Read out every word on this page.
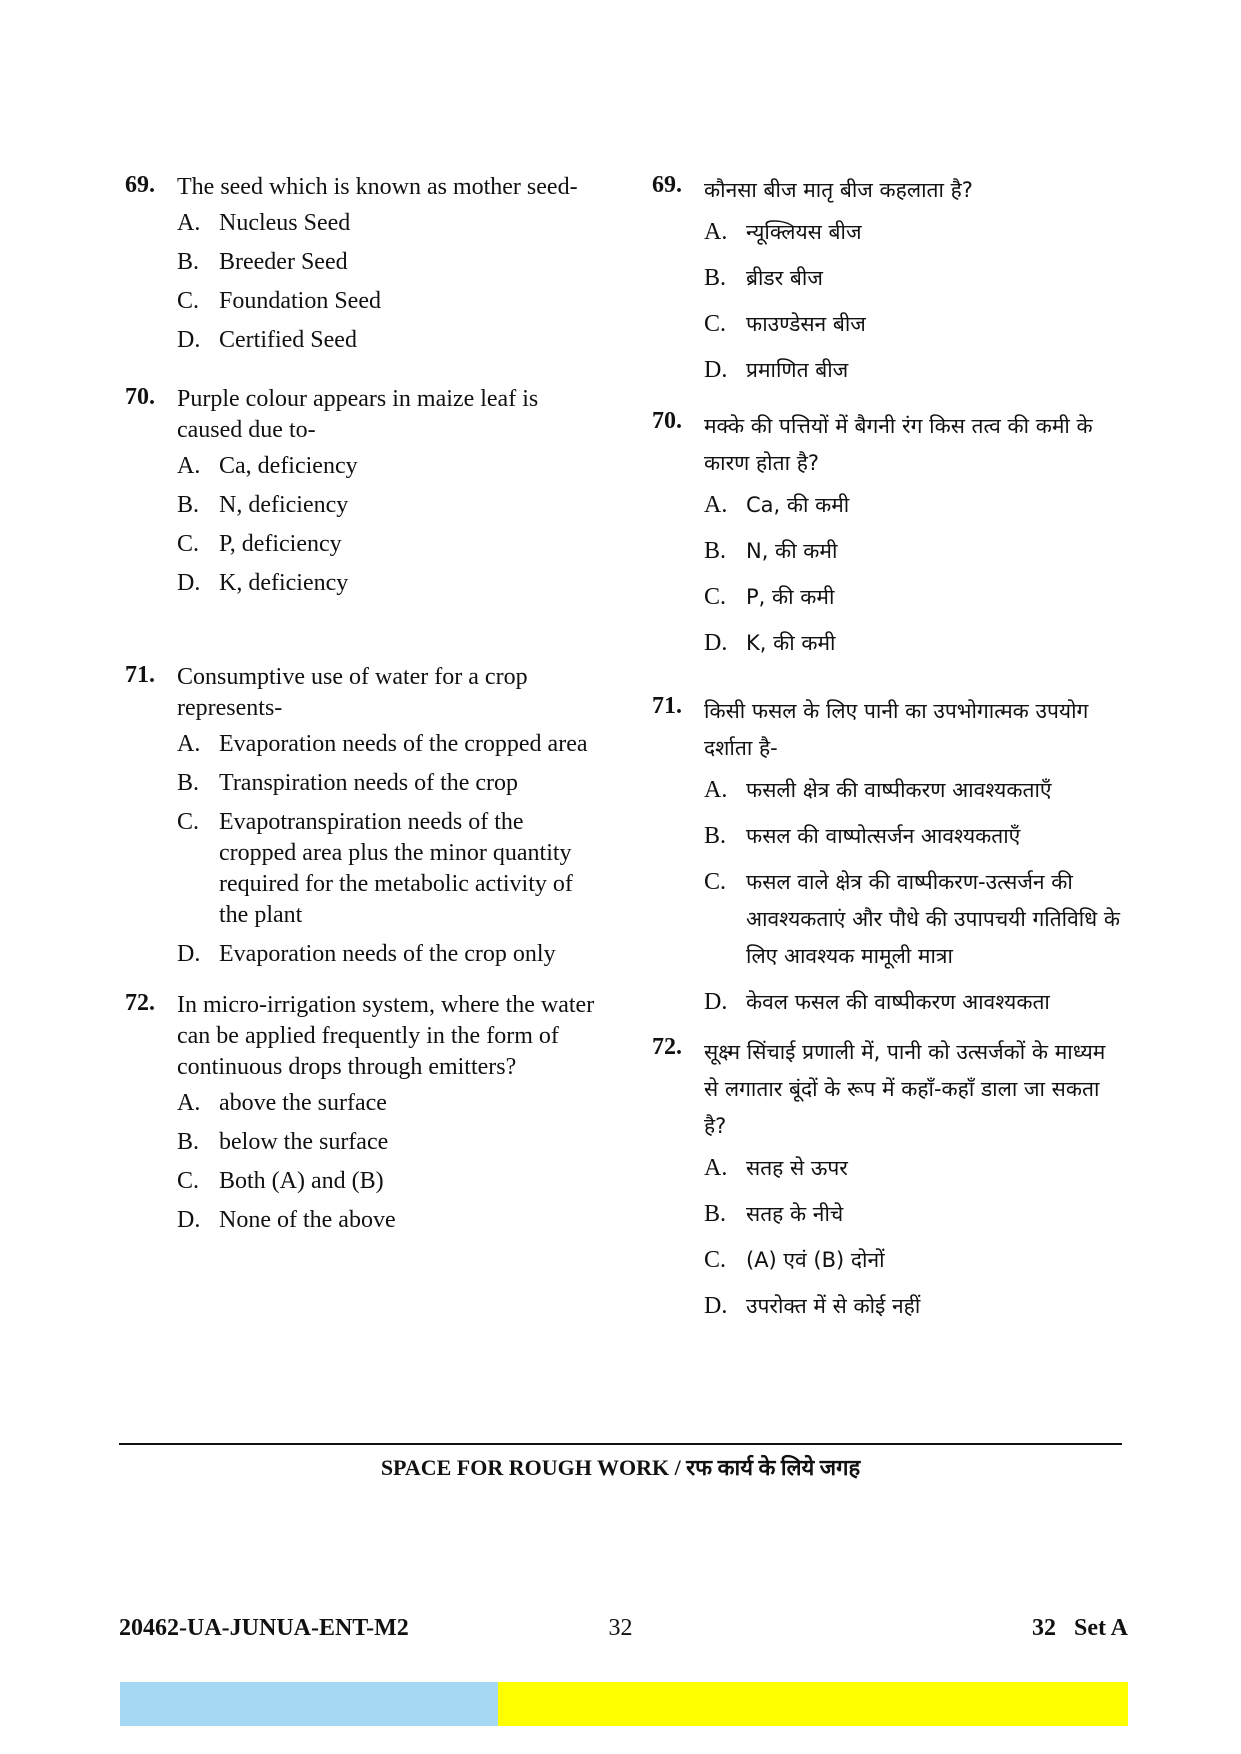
69. The seed which is known as mother seed-
A. Nucleus Seed
B. Breeder Seed
C. Foundation Seed
D. Certified Seed
70. Purple colour appears in maize leaf is caused due to-
A. Ca, deficiency
B. N, deficiency
C. P, deficiency
D. K, deficiency
71. Consumptive use of water for a crop represents-
A. Evaporation needs of the cropped area
B. Transpiration needs of the crop
C. Evapotranspiration needs of the cropped area plus the minor quantity required for the metabolic activity of the plant
D. Evaporation needs of the crop only
72. In micro-irrigation system, where the water can be applied frequently in the form of continuous drops through emitters?
A. above the surface
B. below the surface
C. Both (A) and (B)
D. None of the above
69.	कौनसा बीज मातृ बीज कहलाता है?
A. न्यूक्लियस बीज
B. ब्रीडर बीज
C. फाउण्डेसन बीज
D. प्रमाणित बीज
70.	मक्के की पत्तियों में बैगनी रंग किस तत्व की कमी के कारण होता है?
A. Ca, की कमी
B. N, की कमी
C. P, की कमी
D. K, की कमी
71.	किसी फसल के लिए पानी का उपभोगात्मक उपयोग दर्शाता है-
A. फसली क्षेत्र की वाष्पीकरण आवश्यकताएँ
B. फसल की वाष्पोत्सर्जन आवश्यकताएँ
C. फसल वाले क्षेत्र की वाष्पीकरण-उत्सर्जन की आवश्यकताएं और पौधे की उपापचयी गतिविधि के लिए आवश्यक मामूली मात्रा
D. केवल फसल की वाष्पीकरण आवश्यकता
72.	सूक्ष्म सिंचाई प्रणाली में, पानी को उत्सर्जकों के माध्यम से लगातार बूंदों के रूप में कहाँ-कहाँ डाला जा सकता है?
A. सतह से ऊपर
B. सतह के नीचे
C. (A) एवं (B) दोनों
D. उपरोक्त में से कोई नहीं
SPACE FOR ROUGH WORK / रफ कार्य के लिये जगह
20462-UA-JUNUA-ENT-M2	32	32   Set A
